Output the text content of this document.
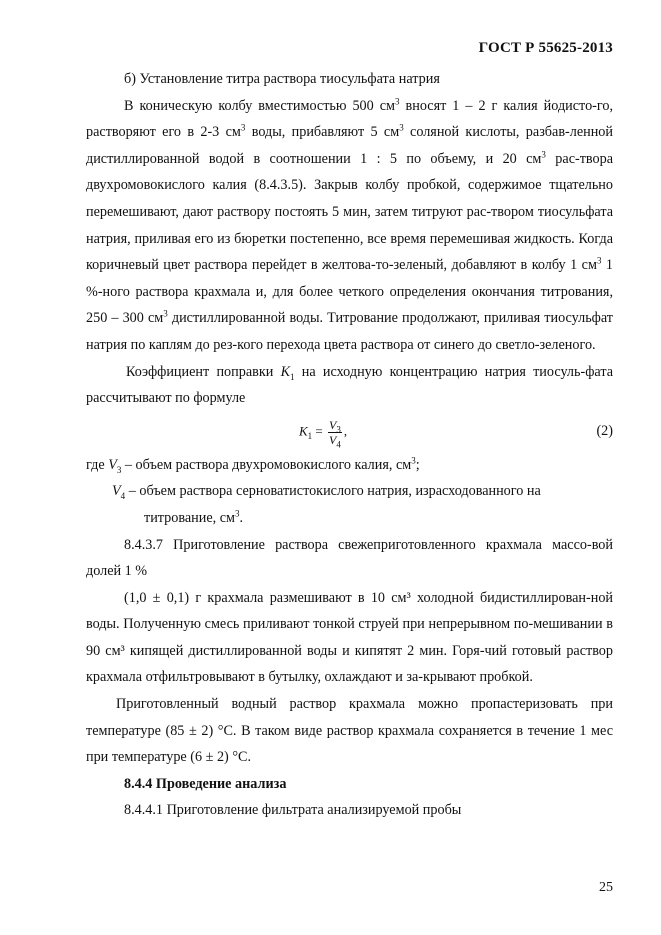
ГОСТ Р 55625-2013

б) Установление титра раствора тиосульфата натрия

В коническую колбу вместимостью 500 $см^3$ вносят 1 – 2 г калия йодисто-го, растворяют его в 2-3 $см^3$ воды, прибавляют 5 $см^3$ соляной кислоты, разбав-ленной дистиллированной водой в соотношении 1 : 5 по объему, и 20 $см^3$ рас-твора двухромовокислого калия (8.4.3.5). Закрыв колбу пробкой, содержимое тщательно перемешивают, дают раствору постоять 5 мин, затем титруют рас-твором тиосульфата натрия, приливая его из бюретки постепенно, все время перемешивая жидкость. Когда коричневый цвет раствора перейдет в желтова-то-зеленый, добавляют в колбу 1 $см^3$ 1 %-ного раствора крахмала и, для более четкого определения окончания титрования, 250 – 300 $см^3$ дистиллированной воды. Титрование продолжают, приливая тиосульфат натрия по каплям до рез-кого перехода цвета раствора от синего до светло-зеленого.

Коэффициент поправки $K_1$ на исходную концентрацию натрия тиосуль-фата рассчитывают по формуле

$K_1 = \frac{V_3}{V_4}$ ,	(2)

где $V_3$ – объем раствора двухромовокислого калия, $см^3$;

$V_4$ – объем раствора серноватистокислого натрия, израсходованного на

титрование, $см^3$.

8.4.3.7 Приготовление раствора свежеприготовленного крахмала массо-вой долей 1 %

(1,0 ± 0,1) г крахмала размешивают в 10 см³ холодной бидистиллирован-ной воды. Полученную смесь приливают тонкой струей при непрерывном по-мешивании в 90 см³ кипящей дистиллированной воды и кипятят 2 мин. Горя-чий готовый раствор крахмала отфильтровывают в бутылку, охлаждают и за-крывают пробкой.

Приготовленный водный раствор крахмала можно пропастеризовать при температуре (85 ± 2) °С. В таком виде раствор крахмала сохраняется в течение 1 мес при температуре (6 ± 2) °С.

8.4.4 Проведение анализа

8.4.4.1 Приготовление фильтрата анализируемой пробы

25
